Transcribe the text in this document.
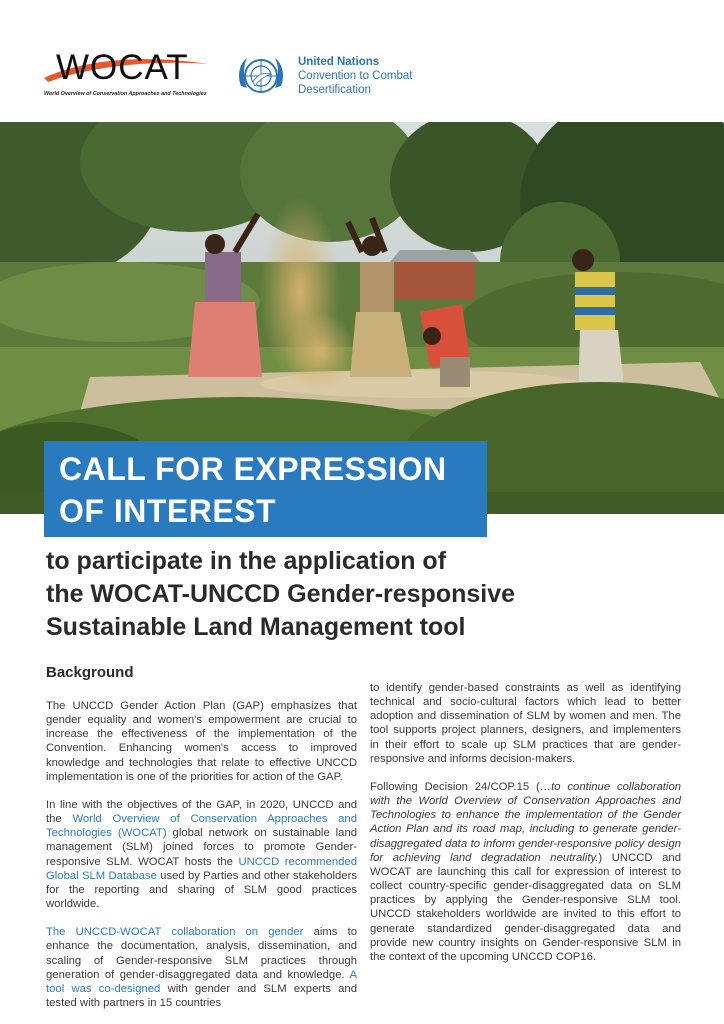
WOCAT
World Overview of Conservation Approaches and Technologies
United Nations
Convention to Combat
Desertification
CALL FOR EXPRESSION
OF INTEREST
to participate in the application of
the WOCAT-UNCCD Gender-responsive
Sustainable Land Management tool
Background

The UNCCD Gender Action Plan (GAP) emphasizes that gender equality and women's empowerment are crucial to increase the effectiveness of the implementation of the Convention. Enhancing women's access to improved knowledge and technologies that relate to effective UNCCD implementation is one of the priorities for action of the GAP.

In line with the objectives of the GAP, in 2020, UNCCD and the World Overview of Conservation Approaches and Technologies (WOCAT) global network on sustainable land management (SLM) joined forces to promote Gender-responsive SLM. WOCAT hosts the UNCCD recommended Global SLM Database used by Parties and other stakeholders for the reporting and sharing of SLM good practices worldwide.

The UNCCD-WOCAT collaboration on gender aims to enhance the documentation, analysis, dissemination, and scaling of Gender-responsive SLM practices through generation of gender-disaggregated data and knowledge. A tool was co-designed with gender and SLM experts and tested with partners in 15 countries

to identify gender-based constraints as well as identifying technical and socio-cultural factors which lead to better adoption and dissemination of SLM by women and men. The tool supports project planners, designers, and implementers in their effort to scale up SLM practices that are gender-responsive and informs decision-makers.

Following Decision 24/COP.15 (…to continue collaboration with the World Overview of Conservation Approaches and Technologies to enhance the implementation of the Gender Action Plan and its road map, including to generate gender-disaggregated data to inform gender-responsive policy design for achieving land degradation neutrality.) UNCCD and WOCAT are launching this call for expression of interest to collect country-specific gender-disaggregated data on SLM practices by applying the Gender-responsive SLM tool. UNCCD stakeholders worldwide are invited to this effort to generate standardized gender-disaggregated data and provide new country insights on Gender-responsive SLM in the context of the upcoming UNCCD COP16.
